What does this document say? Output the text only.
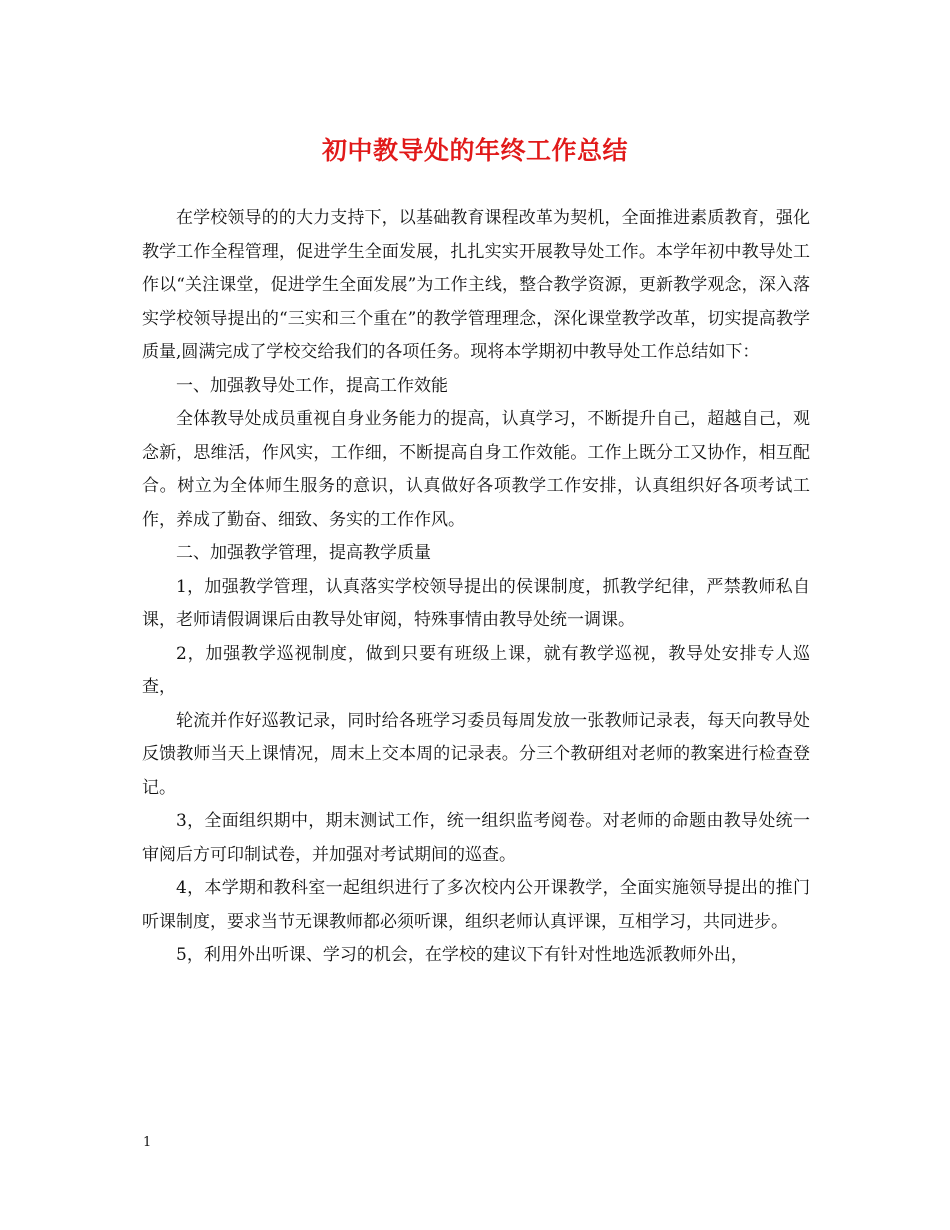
初中教导处的年终工作总结

在学校领导的的大力支持下，以基础教育课程改革为契机，全面推进素质教育，强化教学工作全程管理，促进学生全面发展，扎扎实实开展教导处工作。本学年初中教导处工作以“关注课堂，促进学生全面发展”为工作主线，整合教学资源，更新教学观念，深入落实学校领导提出的“三实和三个重在”的教学管理理念，深化课堂教学改革，切实提高教学质量,圆满完成了学校交给我们的各项任务。现将本学期初中教导处工作总结如下：

一、加强教导处工作，提高工作效能

全体教导处成员重视自身业务能力的提高，认真学习，不断提升自己，超越自己，观念新，思维活，作风实，工作细，不断提高自身工作效能。工作上既分工又协作，相互配合。树立为全体师生服务的意识，认真做好各项教学工作安排，认真组织好各项考试工作，养成了勤奋、细致、务实的工作作风。

二、加强教学管理，提高教学质量

1，加强教学管理，认真落实学校领导提出的侯课制度，抓教学纪律，严禁教师私自课，老师请假调课后由教导处审阅，特殊事情由教导处统一调课。

2，加强教学巡视制度，做到只要有班级上课，就有教学巡视，教导处安排专人巡查，

轮流并作好巡教记录，同时给各班学习委员每周发放一张教师记录表，每天向教导处反馈教师当天上课情况，周末上交本周的记录表。分三个教研组对老师的教案进行检查登记。

3，全面组织期中，期末测试工作，统一组织监考阅卷。对老师的命题由教导处统一审阅后方可印制试卷，并加强对考试期间的巡查。

4，本学期和教科室一起组织进行了多次校内公开课教学，全面实施领导提出的推门听课制度，要求当节无课教师都必须听课，组织老师认真评课，互相学习，共同进步。

5，利用外出听课、学习的机会，在学校的建议下有针对性地选派教师外出，

1
